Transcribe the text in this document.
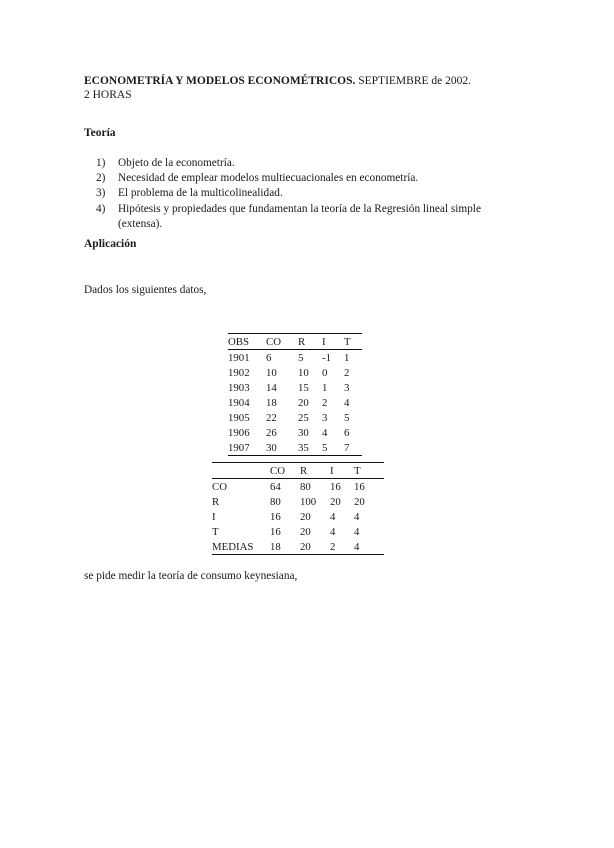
ECONOMETRÍA Y MODELOS ECONOMÉTRICOS. SEPTIEMBRE de 2002.
2 HORAS
Teoría
1)	Objeto de la econometría.
2)	Necesidad de emplear modelos multiecuacionales en econometría.
3)	El problema de la multicolinealidad.
4)	Hipótesis y propiedades que fundamentan la teoría de la Regresión lineal simple (extensa).
Aplicación
Dados los siguientes datos,
OBS	CO	R	I	T
1901	6	5	-1	1
1902	10	10	0	2
1903	14	15	1	3
1904	18	20	2	4
1905	22	25	3	5
1906	26	30	4	6
1907	30	35	5	7
	CO	R	I	T
CO	64	80	16	16
R	80	100	20	20
I	16	20	4	4
T	16	20	4	4
MEDIAS	18	20	2	4
se pide medir la teoría de consumo keynesiana,
